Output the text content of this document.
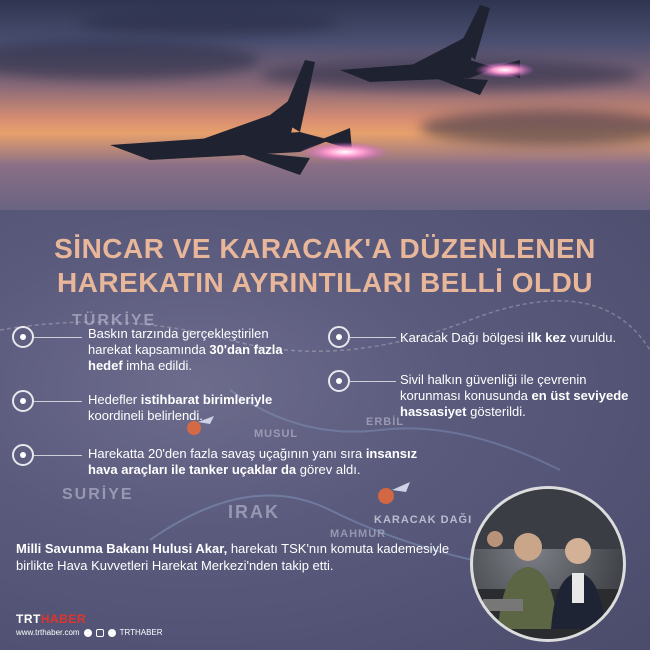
TÜRKİYE
SURİYE
IRAK
MUSUL
ERBİL
MAHMUR
KARACAK DAĞI
SİNCAR VE KARACAK'A DÜZENLENEN
HAREKATIN AYRINTILARI BELLİ OLDU
Baskın tarzında gerçekleştirilen harekat kapsamında 30'dan fazla hedef imha edildi.
Hedefler istihbarat birimleriyle koordineli belirlendi.
Harekatta 20'den fazla savaş uçağının yanı sıra insansız hava araçları ile tanker uçaklar da görev aldı.
Karacak Dağı bölgesi ilk kez vuruldu.
Sivil halkın güvenliği ile çevrenin korunması konusunda en üst seviyede hassasiyet gösterildi.
Milli Savunma Bakanı Hulusi Akar, harekatı TSK'nın komuta kademesiyle birlikte Hava Kuvvetleri Harekat Merkezi'nden takip etti.
TRTHABER
www.trthaber.com	TRTHABER
